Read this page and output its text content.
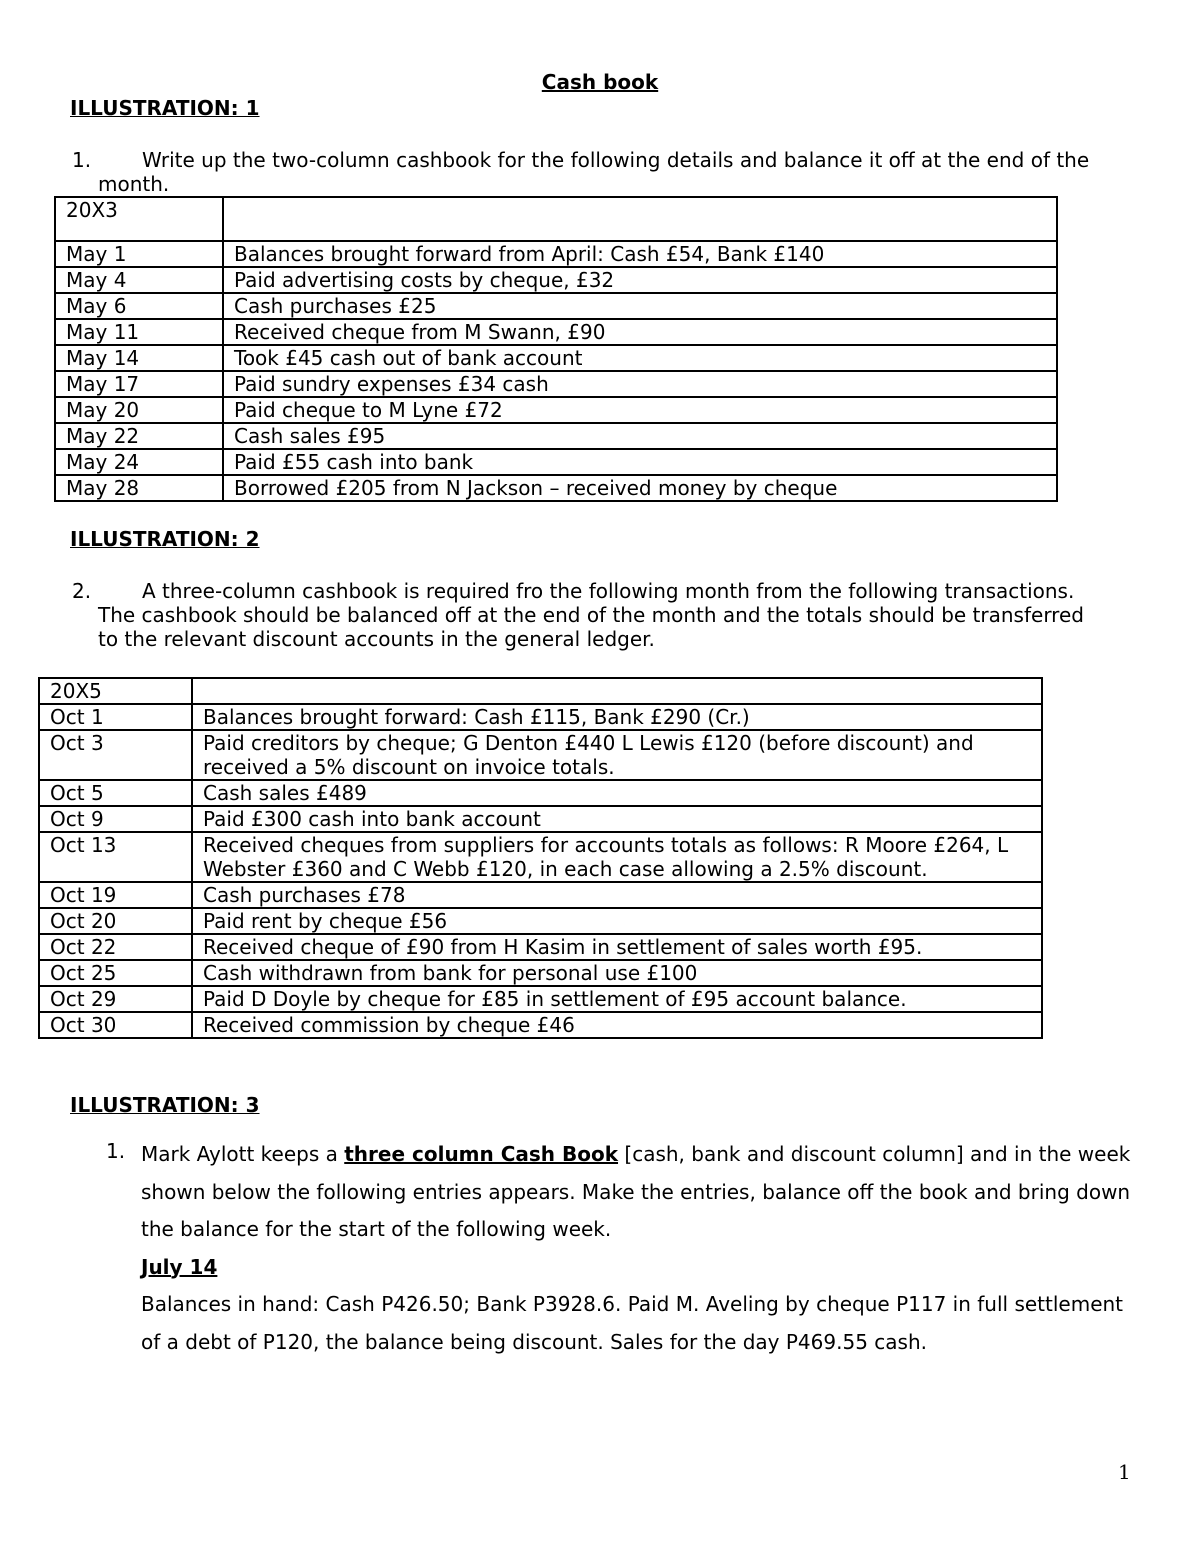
Cash book
ILLUSTRATION: 1
1.	Write up the two-column cashbook for the following details and balance it off at the end of the month.
20X3	
May 1	Balances brought forward from April: Cash £54, Bank £140
May 4	Paid advertising costs by cheque, £32
May 6	Cash purchases £25
May 11	Received cheque from M Swann, £90
May 14	Took £45 cash out of bank account
May 17	Paid sundry expenses £34 cash
May 20	Paid cheque to M Lyne £72
May 22	Cash sales £95
May 24	Paid £55 cash into bank
May 28	Borrowed £205 from N Jackson – received money by cheque
ILLUSTRATION: 2
2.	A three-column cashbook is required fro the following month from the following transactions. The cashbook should be balanced off at the end of the month and the totals should be transferred to the relevant discount accounts in the general ledger.
20X5	
Oct 1	Balances brought forward: Cash £115, Bank £290 (Cr.)
Oct 3	Paid creditors by cheque; G Denton £440 L Lewis £120 (before discount) and received a 5% discount on invoice totals.
Oct 5	Cash sales £489
Oct 9	Paid £300 cash into bank account
Oct 13	Received cheques from suppliers for accounts totals as follows: R Moore £264, L Webster £360 and C Webb £120, in each case allowing a 2.5% discount.
Oct 19	Cash purchases £78
Oct 20	Paid rent by cheque £56
Oct 22	Received cheque of £90 from H Kasim in settlement of sales worth £95.
Oct 25	Cash withdrawn from bank for personal use £100
Oct 29	Paid D Doyle by cheque for £85 in settlement of £95 account balance.
Oct 30	Received commission by cheque £46
ILLUSTRATION: 3
1. Mark Aylott keeps a three column Cash Book [cash, bank and discount column] and in the week shown below the following entries appears. Make the entries, balance off the book and bring down the balance for the start of the following week.
July 14
Balances in hand: Cash P426.50; Bank P3928.6. Paid M. Aveling by cheque P117 in full settlement of a debt of P120, the balance being discount. Sales for the day P469.55 cash.
1
